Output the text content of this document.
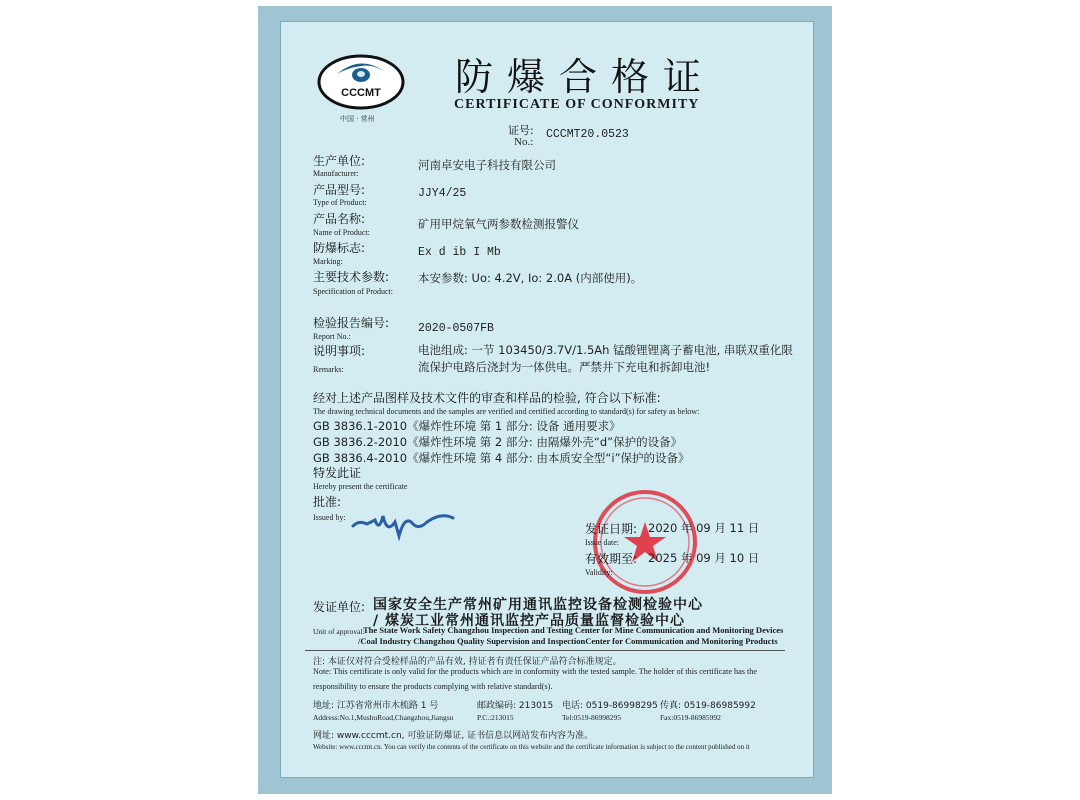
CCCMT
中国 · 常州
防爆合格证
CERTIFICATE OF CONFORMITY
证号:
No.:
CCCMT20.0523
生产单位:
Manufacturer:
河南卓安电子科技有限公司
产品型号:
Type of Product:
JJY4/25
产品名称:
Name of Product:
矿用甲烷氧气两参数检测报警仪
防爆标志:
Marking:
Ex d ib I Mb
主要技术参数:
Specification of Product:
本安参数: Uo: 4.2V, Io: 2.0A (内部使用)。
检验报告编号:
Report No.:
2020-0507FB
说明事项:
Remarks:
电池组成: 一节 103450/3.7V/1.5Ah 锰酸锂锂离子蓄电池, 串联双重化限
流保护电路后浇封为一体供电。严禁井下充电和拆卸电池!
经对上述产品图样及技术文件的审查和样品的检验, 符合以下标准:
The drawing technical documents and the samples are verified and certified according to standard(s) for safety as below:
GB 3836.1-2010《爆炸性环境 第 1 部分: 设备 通用要求》
GB 3836.2-2010《爆炸性环境 第 2 部分: 由隔爆外壳“d”保护的设备》
GB 3836.4-2010《爆炸性环境 第 4 部分: 由本质安全型“i”保护的设备》
特发此证
Hereby present the certificate
批准:
Issued by:
发证日期: 2020 年 09 月 11 日
Issue date:
有效期至: 2025 年 09 月 10 日
Validity:
发证单位: 国家安全生产常州矿用通讯监控设备检测检验中心
/ 煤炭工业常州通讯监控产品质量监督检验中心
Unit of approval:
The State Work Safety Changzhou Inspection and Testing Center for Mine Communication and Monitoring Devices
/Coal Industry Changzhou Quality Supervision and InspectionCenter for Communication and Monitoring Products
注: 本证仅对符合受检样品的产品有效, 持证者有责任保证产品符合标准规定。
Note: This certificate is only valid for the products which are in conformity with the tested sample. The holder of this certificate has the
responsibility to ensure the products complying with relative standard(s).
地址: 江苏省常州市木梳路 1 号	邮政编码: 213015 电话: 0519-86998295 传真: 0519-86985992
Address:No.1,MushuRoad,Changzhou,Jiangsu	P.C.:213015	Tel:0519-86998295	Fax:0519-86985992
网址: www.cccmt.cn, 可验证防爆证, 证书信息以网站发布内容为准。
Website: www.cccmt.cn. You can verify the contents of the certificate on this website and the certificate information is subject to the content published on it
